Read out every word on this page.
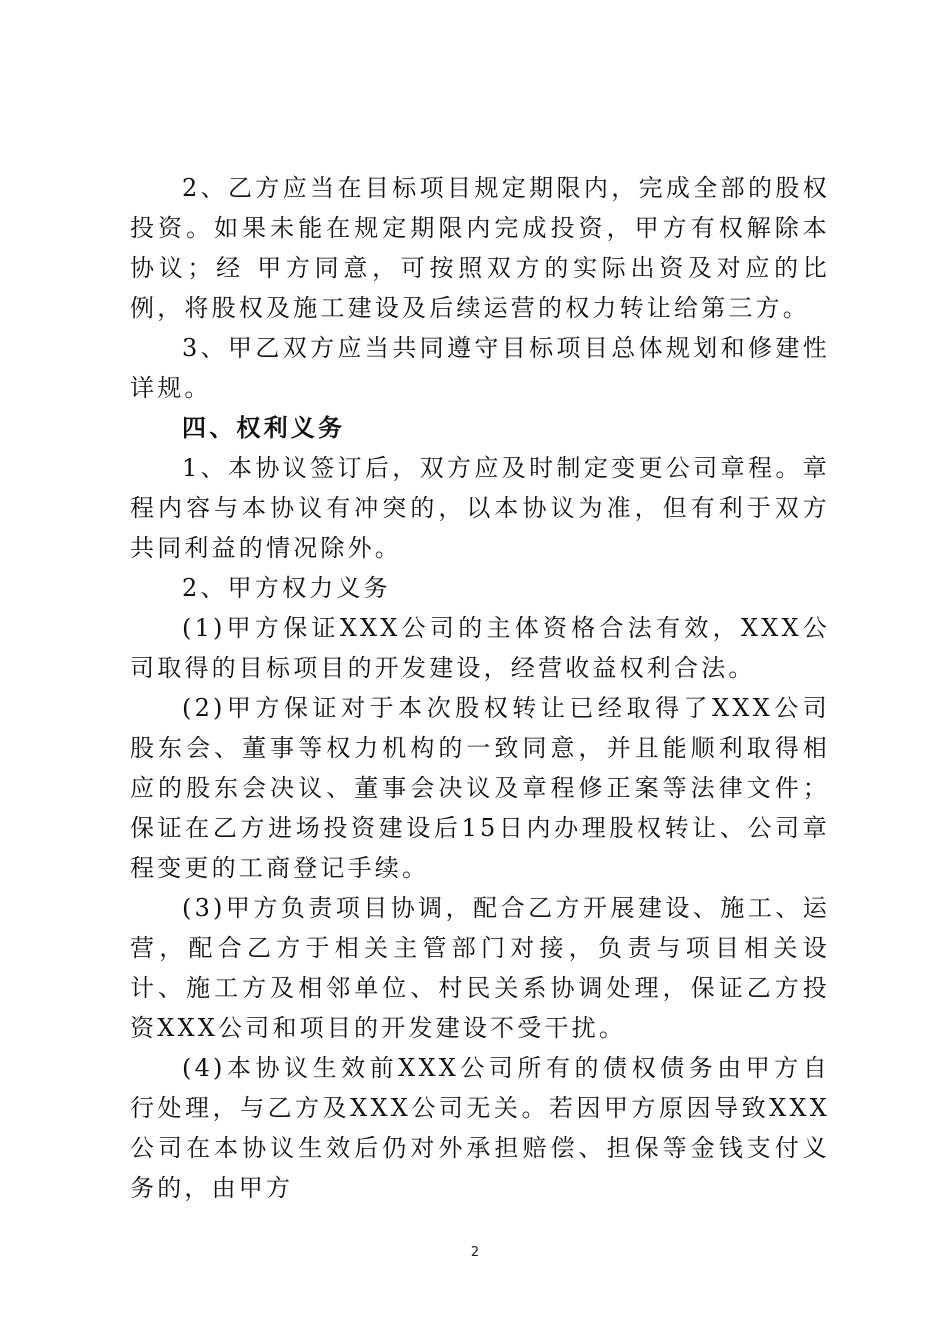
2、乙方应当在目标项目规定期限内，完成全部的股权投资。如果未能在规定期限内完成投资，甲方有权解除本协议；经 甲方同意，可按照双方的实际出资及对应的比例，将股权及施工建设及后续运营的权力转让给第三方。

3、甲乙双方应当共同遵守目标项目总体规划和修建性详规。

四、权利义务

1、本协议签订后，双方应及时制定变更公司章程。章程内容与本协议有冲突的，以本协议为准，但有利于双方共同利益的情况除外。

2、甲方权力义务

(1)甲方保证XXX公司的主体资格合法有效，XXX公司取得的目标项目的开发建设，经营收益权利合法。

(2)甲方保证对于本次股权转让已经取得了XXX公司股东会、董事等权力机构的一致同意，并且能顺利取得相应的股东会决议、董事会决议及章程修正案等法律文件；保证在乙方进场投资建设后15日内办理股权转让、公司章程变更的工商登记手续。

(3)甲方负责项目协调，配合乙方开展建设、施工、运营，配合乙方于相关主管部门对接，负责与项目相关设计、施工方及相邻单位、村民关系协调处理，保证乙方投资XXX公司和项目的开发建设不受干扰。

(4)本协议生效前XXX公司所有的债权债务由甲方自行处理，与乙方及XXX公司无关。若因甲方原因导致XXX公司在本协议生效后仍对外承担赔偿、担保等金钱支付义务的，由甲方

2
